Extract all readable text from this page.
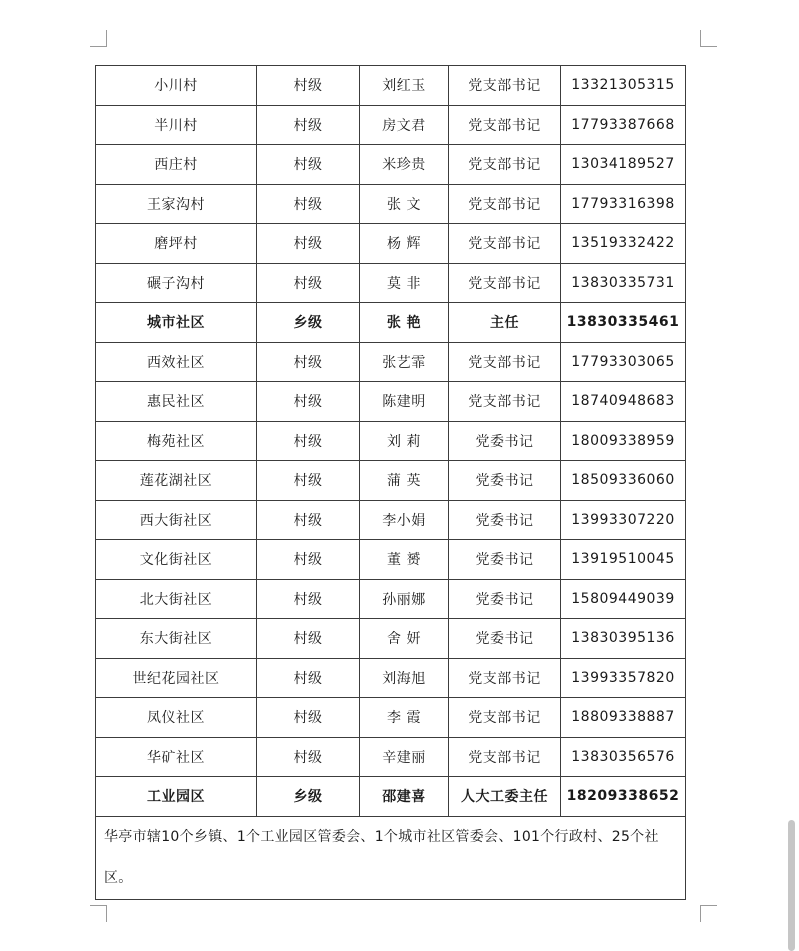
小川村	村级	刘红玉	党支部书记	13321305315
半川村	村级	房文君	党支部书记	17793387668
西庄村	村级	米珍贵	党支部书记	13034189527
王家沟村	村级	张 文	党支部书记	17793316398
磨坪村	村级	杨 辉	党支部书记	13519332422
碾子沟村	村级	莫 非	党支部书记	13830335731
城市社区	乡级	张 艳	主任	13830335461
西效社区	村级	张艺霏	党支部书记	17793303065
惠民社区	村级	陈建明	党支部书记	18740948683
梅苑社区	村级	刘 莉	党委书记	18009338959
莲花湖社区	村级	蒲 英	党委书记	18509336060
西大街社区	村级	李小娟	党委书记	13993307220
文化街社区	村级	董 赟	党委书记	13919510045
北大街社区	村级	孙丽娜	党委书记	15809449039
东大街社区	村级	舍 妍	党委书记	13830395136
世纪花园社区	村级	刘海旭	党支部书记	13993357820
凤仪社区	村级	李 霞	党支部书记	18809338887
华矿社区	村级	辛建丽	党支部书记	13830356576
工业园区	乡级	邵建喜	人大工委主任	18209338652
华亭市辖10个乡镇、1个工业园区管委会、1个城市社区管委会、101个行政村、25个社区。				
